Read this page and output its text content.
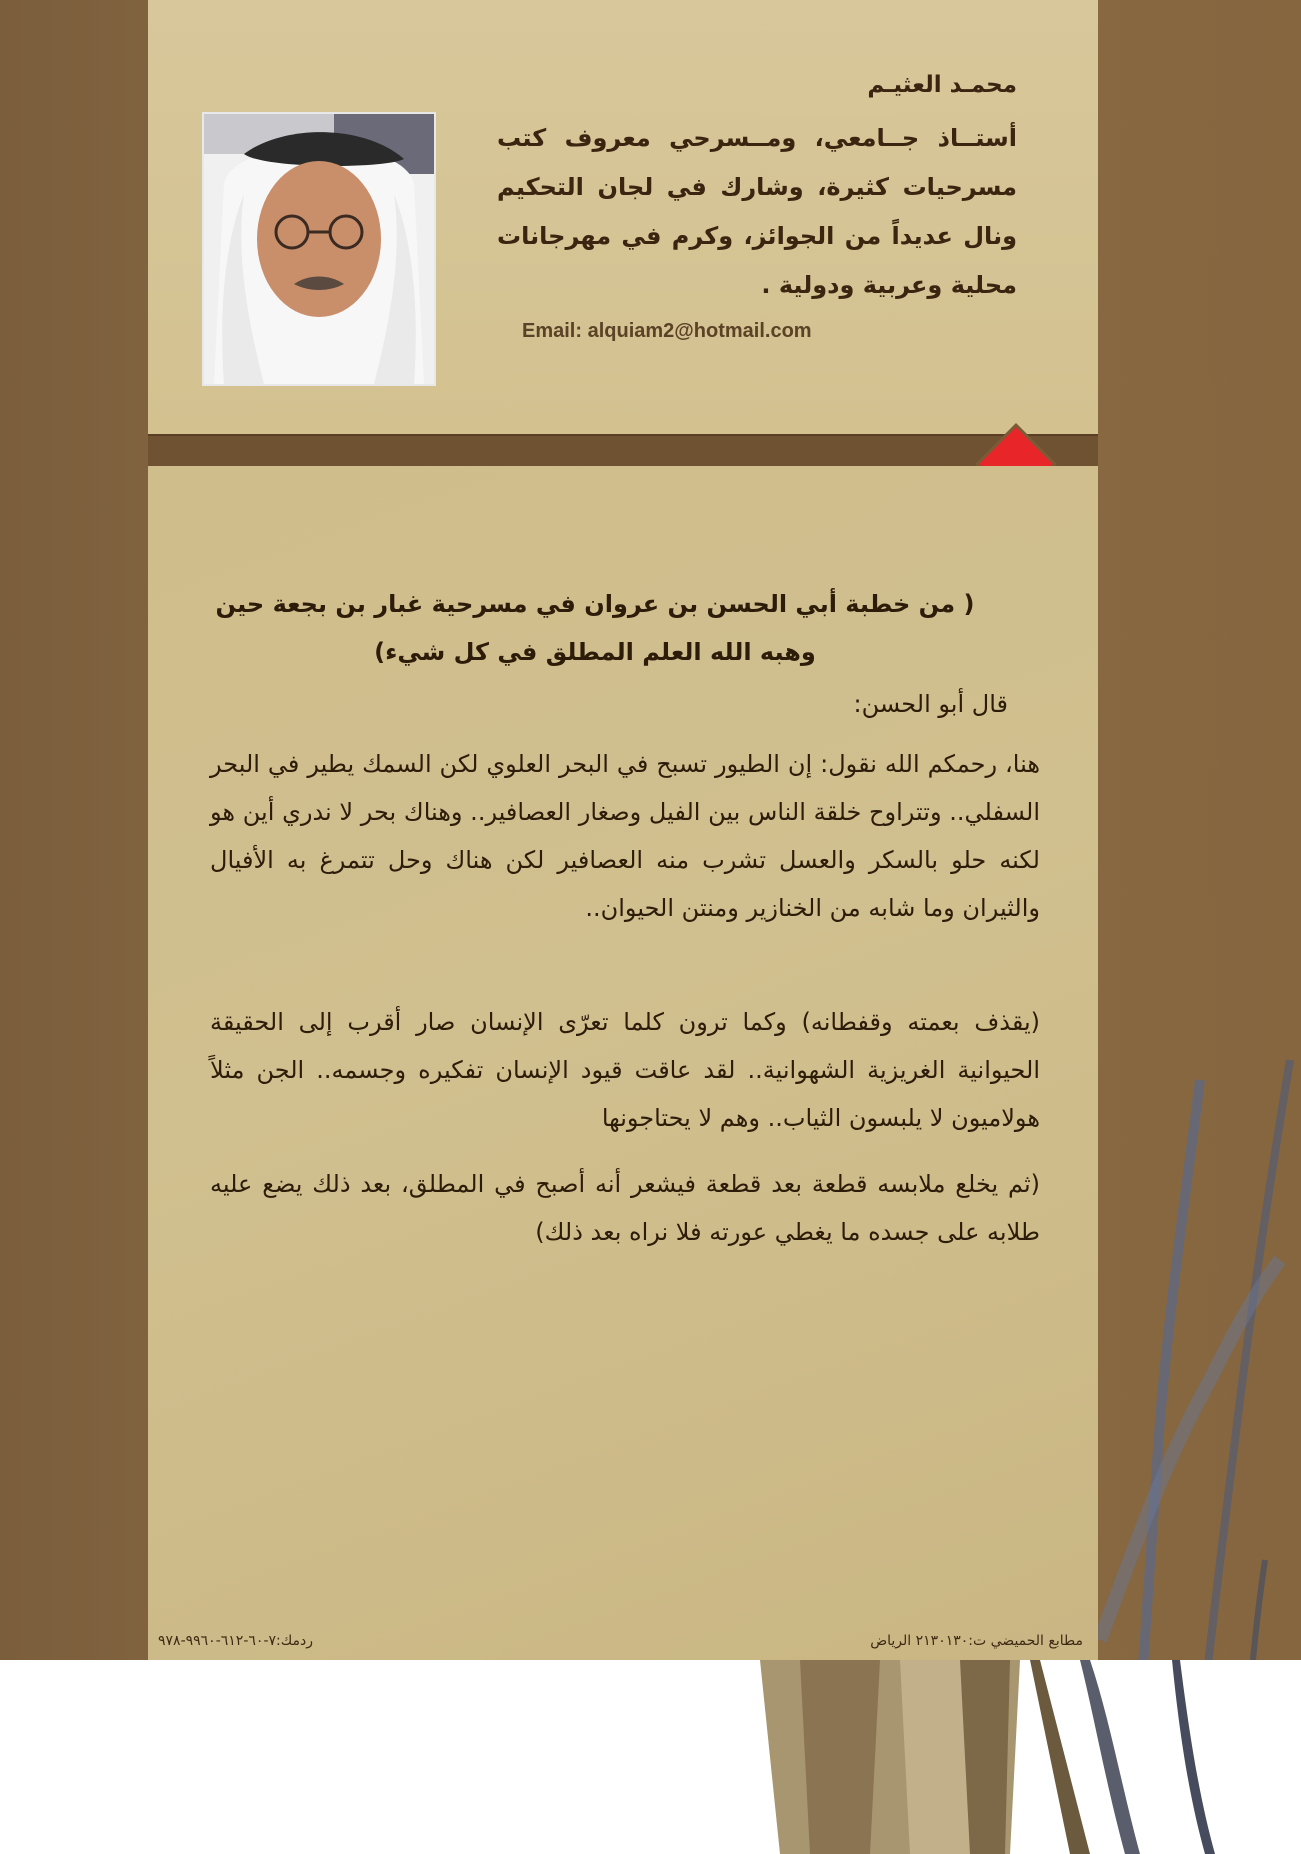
محمـد العثيـم
أستــاذ جــامعي، ومــسرحي معروف كتب مسرحيات كثيرة، وشارك في لجان التحكيم ونال عديداً من الجوائز، وكرم في مهرجانات محلية وعربية ودولية .
Email: alquiam2@hotmail.com
( من خطبة أبي الحسن بن عروان في مسرحية غبار بن بجعة حين وهبه الله العلم المطلق في كل شيء)
قال أبو الحسن:
هنا، رحمكم الله نقول: إن الطيور تسبح في البحر العلوي لكن السمك يطير في البحر السفلي.. وتتراوح خلقة الناس بين الفيل وصغار العصافير.. وهناك بحر لا ندري أين هو لكنه حلو بالسكر والعسل تشرب منه العصافير لكن هناك وحل تتمرغ به الأفيال والثيران وما شابه من الخنازير ومنتن الحيوان..
(يقذف بعمته وقفطانه) وكما ترون كلما تعرّى الإنسان صار أقرب إلى الحقيقة الحيوانية الغريزية الشهوانية.. لقد عاقت قيود الإنسان تفكيره وجسمه.. الجن مثلاً هولاميون لا يلبسون الثياب.. وهم لا يحتاجونها
(ثم يخلع ملابسه قطعة بعد قطعة فيشعر أنه أصبح في المطلق، بعد ذلك يضع عليه طلابه على جسده ما يغطي عورته فلا نراه بعد ذلك)
مطابع الحميضي ت:٢١٣٠١٣٠ الرياض
ردمك:٧-٦٠-٦١٢-٩٩٦٠-٩٧٨
